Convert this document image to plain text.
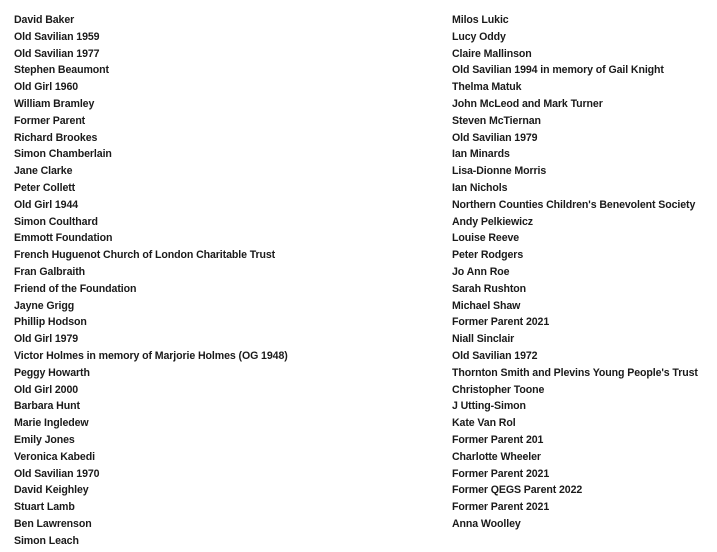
David Baker
Old Savilian 1959
Old Savilian 1977
Stephen Beaumont
Old Girl 1960
William Bramley
Former Parent
Richard Brookes
Simon Chamberlain
Jane Clarke
Peter Collett
Old Girl 1944
Simon Coulthard
Emmott Foundation
French Huguenot Church of London Charitable Trust
Fran Galbraith
Friend of the Foundation
Jayne Grigg
Phillip Hodson
Old Girl 1979
Victor Holmes in memory of Marjorie Holmes (OG 1948)
Peggy Howarth
Old Girl 2000
Barbara Hunt
Marie Ingledew
Emily Jones
Veronica Kabedi
Old Savilian 1970
David Keighley
Stuart Lamb
Ben Lawrenson
Simon Leach
Milos Lukic
Lucy Oddy
Claire Mallinson
Old Savilian 1994 in memory of Gail Knight
Thelma Matuk
John McLeod and Mark Turner
Steven McTiernan
Old Savilian 1979
Ian Minards
Lisa-Dionne Morris
Ian Nichols
Northern Counties Children's Benevolent Society
Andy Pelkiewicz
Louise Reeve
Peter Rodgers
Jo Ann Roe
Sarah Rushton
Michael Shaw
Former Parent 2021
Niall Sinclair
Old Savilian 1972
Thornton Smith and Plevins Young People's Trust
Christopher Toone
J Utting-Simon
Kate Van Rol
Former Parent 201
Charlotte Wheeler
Former Parent 2021
Former QEGS Parent 2022
Former Parent 2021
Anna Woolley
